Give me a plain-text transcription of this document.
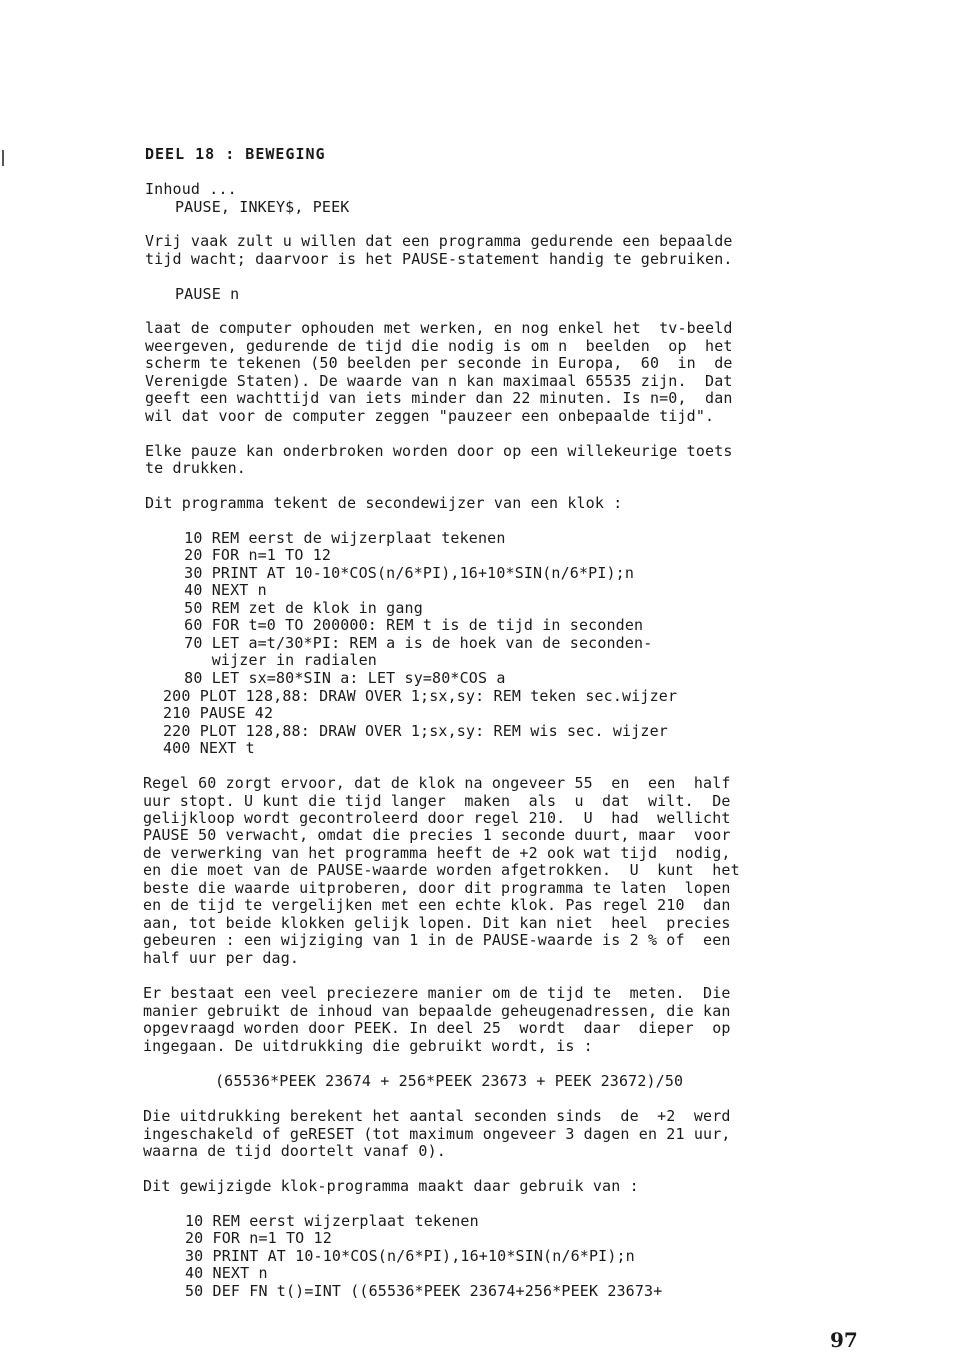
DEEL 18 : BEWEGING
Inhoud ...
PAUSE, INKEY$, PEEK
Vrij vaak zult u willen dat een programma gedurende een bepaalde
tijd wacht; daarvoor is het PAUSE-statement handig te gebruiken.
PAUSE n
laat de computer ophouden met werken, en nog enkel het  tv-beeld
weergeven, gedurende de tijd die nodig is om n  beelden  op  het
scherm te tekenen (50 beelden per seconde in Europa,  60  in  de
Verenigde Staten). De waarde van n kan maximaal 65535 zijn.  Dat
geeft een wachttijd van iets minder dan 22 minuten. Is n=0,  dan
wil dat voor de computer zeggen "pauzeer een onbepaalde tijd".
Elke pauze kan onderbroken worden door op een willekeurige toets
te drukken.
Dit programma tekent de secondewijzer van een klok :
10 REM eerst de wijzerplaat tekenen
20 FOR n=1 TO 12
30 PRINT AT 10-10*COS(n/6*PI),16+10*SIN(n/6*PI);n
40 NEXT n
50 REM zet de klok in gang
60 FOR t=0 TO 200000: REM t is de tijd in seconden
70 LET a=t/30*PI: REM a is de hoek van de seconden-
wijzer in radialen
80 LET sx=80*SIN a: LET sy=80*COS a
200 PLOT 128,88: DRAW OVER 1;sx,sy: REM teken sec.wijzer
210 PAUSE 42
220 PLOT 128,88: DRAW OVER 1;sx,sy: REM wis sec. wijzer
400 NEXT t
Regel 60 zorgt ervoor, dat de klok na ongeveer 55  en  een  half
uur stopt. U kunt die tijd langer  maken  als  u  dat  wilt.  De
gelijkloop wordt gecontroleerd door regel 210.  U  had  wellicht
PAUSE 50 verwacht, omdat die precies 1 seconde duurt, maar  voor
de verwerking van het programma heeft de +2 ook wat tijd  nodig,
en die moet van de PAUSE-waarde worden afgetrokken.  U  kunt  het
beste die waarde uitproberen, door dit programma te laten  lopen
en de tijd te vergelijken met een echte klok. Pas regel 210  dan
aan, tot beide klokken gelijk lopen. Dit kan niet  heel  precies
gebeuren : een wijziging van 1 in de PAUSE-waarde is 2 % of  een
half uur per dag.
Er bestaat een veel preciezere manier om de tijd te  meten.  Die
manier gebruikt de inhoud van bepaalde geheugenadressen, die kan
opgevraagd worden door PEEK. In deel 25  wordt  daar  dieper  op
ingegaan. De uitdrukking die gebruikt wordt, is :
(65536*PEEK 23674 + 256*PEEK 23673 + PEEK 23672)/50
Die uitdrukking berekent het aantal seconden sinds  de  +2  werd
ingeschakeld of geRESET (tot maximum ongeveer 3 dagen en 21 uur,
waarna de tijd doortelt vanaf 0).
Dit gewijzigde klok-programma maakt daar gebruik van :
10 REM eerst wijzerplaat tekenen
20 FOR n=1 TO 12
30 PRINT AT 10-10*COS(n/6*PI),16+10*SIN(n/6*PI);n
40 NEXT n
50 DEF FN t()=INT ((65536*PEEK 23674+256*PEEK 23673+
97
